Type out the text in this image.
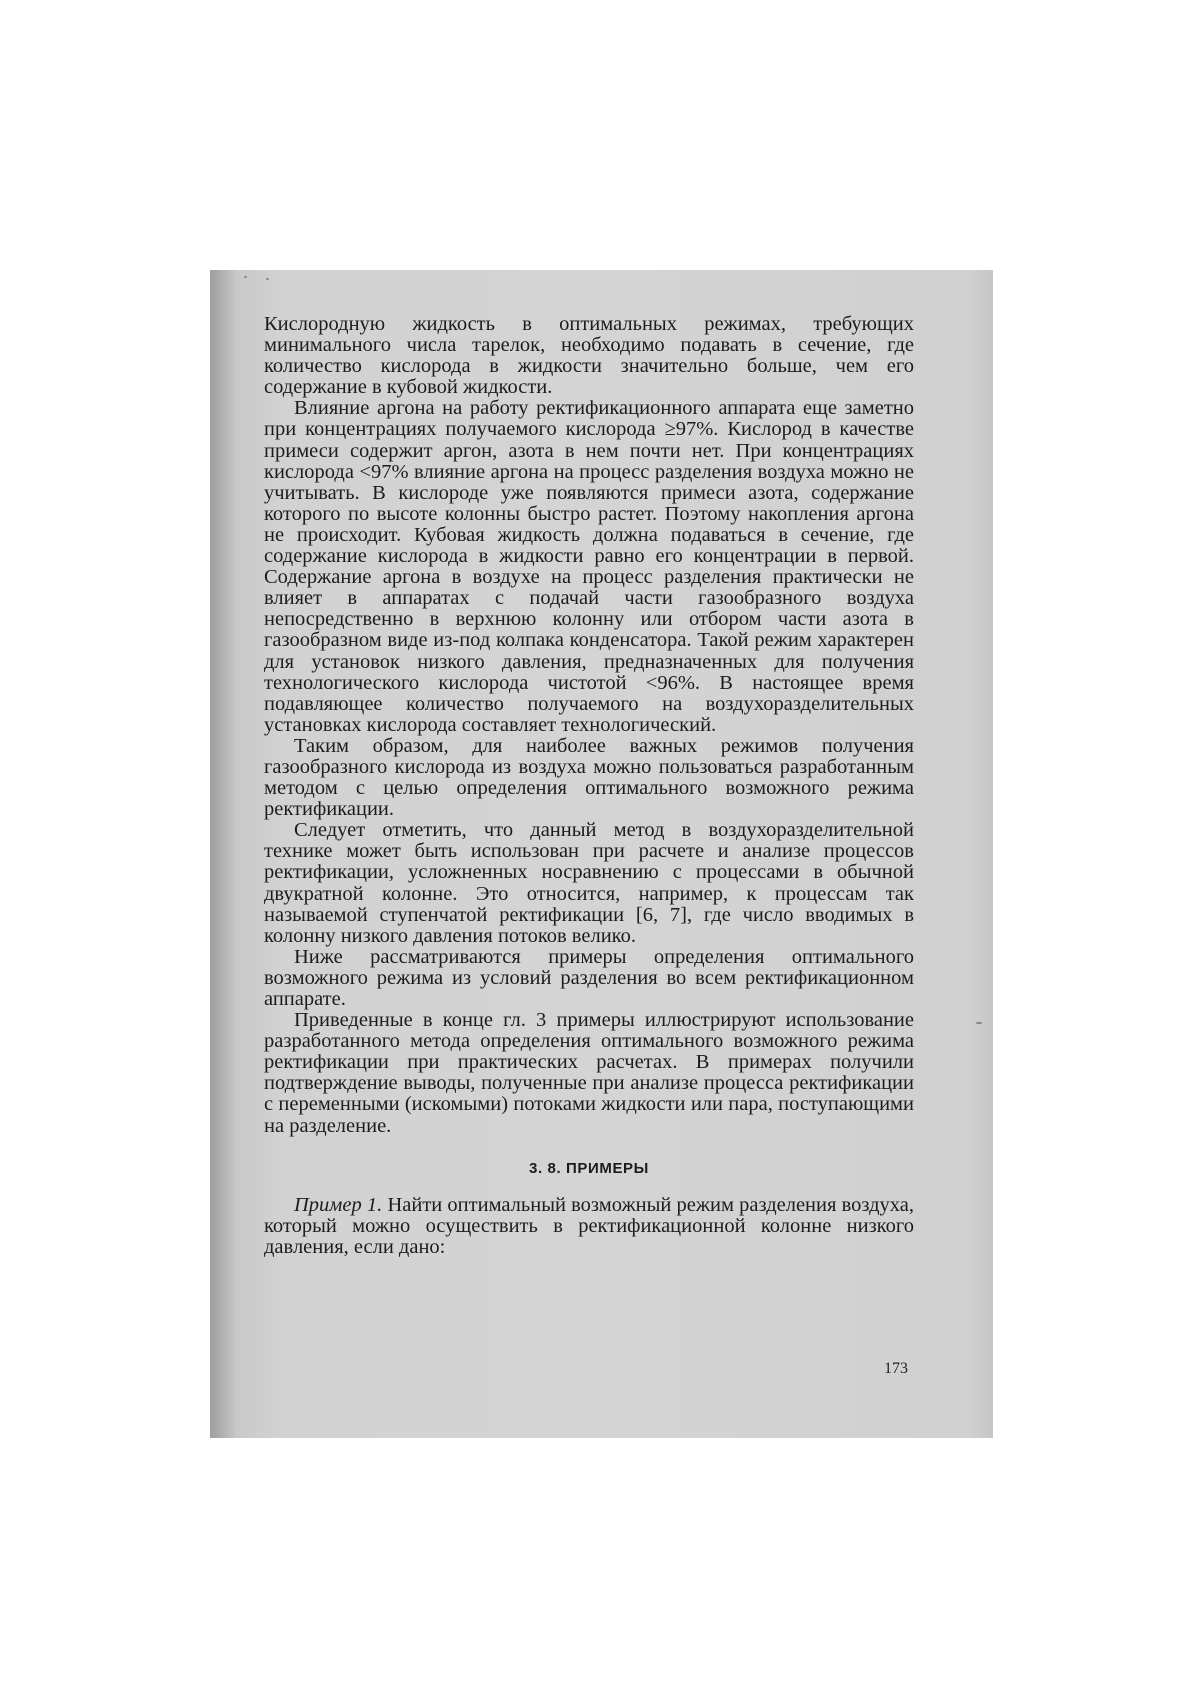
Кислородную жидкость в оптимальных режимах, требующих минимального числа тарелок, необходимо подавать в сечение, где количество кислорода в жидкости значительно больше, чем его содержание в кубовой жидкости.

Влияние аргона на работу ректификационного аппарата еще заметно при концентрациях получаемого кислорода ≥97%. Кислород в качестве примеси содержит аргон, азота в нем почти нет. При концентрациях кислорода <97% влияние аргона на процесс разделения воздуха можно не учитывать. В кислороде уже появляются примеси азота, содержание которого по высоте колонны быстро растет. Поэтому накопления аргона не происходит. Кубовая жидкость должна подаваться в сечение, где содержание кислорода в жидкости равно его концентрации в первой. Содержание аргона в воздухе на процесс разделения практически не влияет в аппаратах с подачай части газообразного воздуха непосредственно в верхнюю колонну или отбором части азота в газообразном виде из-под колпака конденсатора. Такой режим характерен для установок низкого давления, предназначенных для получения технологического кислорода чистотой <96%. В настоящее время подавляющее количество получаемого на воздухоразделительных установках кислорода составляет технологический.

Таким образом, для наиболее важных режимов получения газообразного кислорода из воздуха можно пользоваться разработанным методом с целью определения оптимального возможного режима ректификации.

Следует отметить, что данный метод в воздухоразделительной технике может быть использован при расчете и анализе процессов ректификации, усложненных носравнению с процессами в обычной двукратной колонне. Это относится, например, к процессам так называемой ступенчатой ректификации [6, 7], где число вводимых в колонну низкого давления потоков велико.

Ниже рассматриваются примеры определения оптимального возможного режима из условий разделения во всем ректификационном аппарате.

Приведенные в конце гл. 3 примеры иллюстрируют использование разработанного метода определения оптимального возможного режима ректификации при практических расчетах. В примерах получили подтверждение выводы, полученные при анализе процесса ректификации с переменными (искомыми) потоками жидкости или пара, поступающими на разделение.

3. 8. ПРИМЕРЫ

Пример 1. Найти оптимальный возможный режим разделения воздуха, который можно осуществить в ректификационной колонне низкого давления, если дано:

173
